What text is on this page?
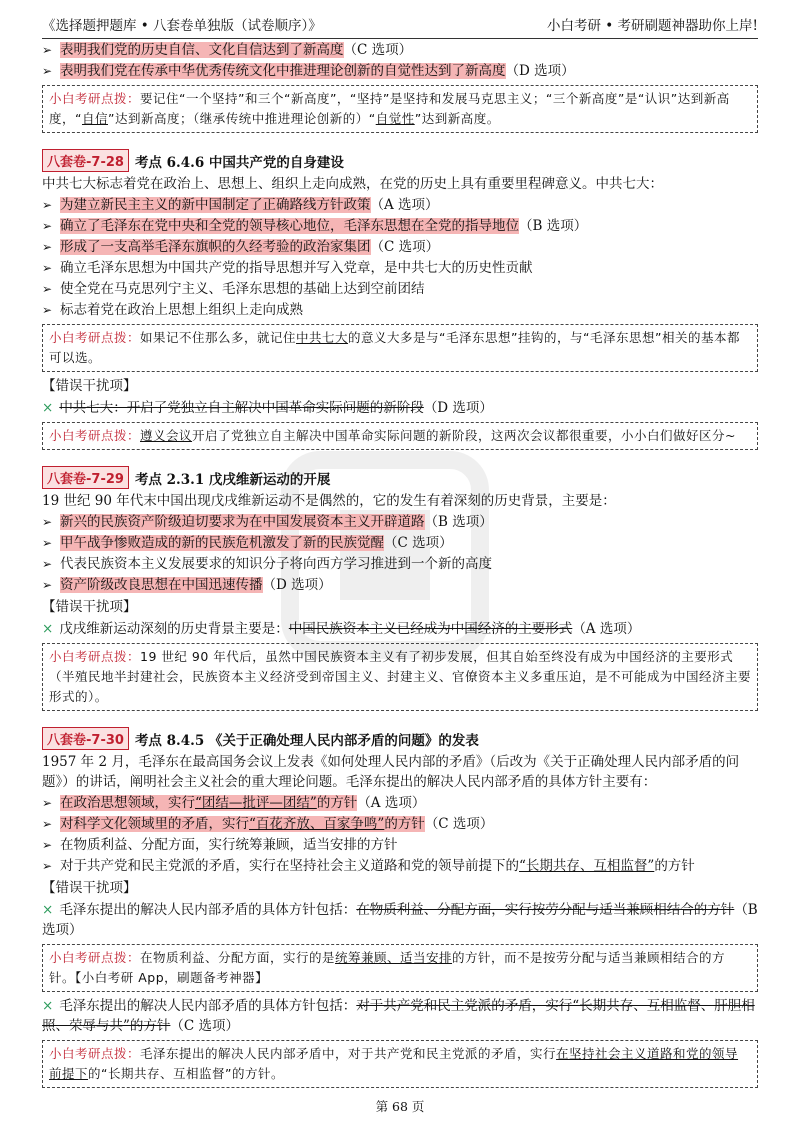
《选择题押题库 • 八套卷单独版（试卷顺序）》	小白考研 • 考研刷题神器助你上岸!
➢ 表明我们党的历史自信、文化自信达到了新高度（C 选项）
➢ 表明我们党在传承中华优秀传统文化中推进理论创新的自觉性达到了新高度（D 选项）
小白考研点拨：要记住“一个坚持”和三个“新高度”，“坚持”是坚持和发展马克思主义；“三个新高度”是“认识”达到新高度，“自信”达到新高度；（继承传统中推进理论创新的）“自觉性”达到新高度。
八套卷-7-28 考点 6.4.6 中国共产党的自身建设
中共七大标志着党在政治上、思想上、组织上走向成熟，在党的历史上具有重要里程碑意义。中共七大：
➢ 为建立新民主主义的新中国制定了正确路线方针政策（A 选项）
➢ 确立了毛泽东在党中央和全党的领导核心地位，毛泽东思想在全党的指导地位（B 选项）
➢ 形成了一支高举毛泽东旗帜的久经考验的政治家集团（C 选项）
➢ 确立毛泽东思想为中国共产党的指导思想并写入党章，是中共七大的历史性贡献
➢ 使全党在马克思列宁主义、毛泽东思想的基础上达到空前团结
➢ 标志着党在政治上思想上组织上走向成熟
小白考研点拨：如果记不住那么多，就记住中共七大的意义大多是与“毛泽东思想”挂钩的，与“毛泽东思想”相关的基本都可以选。
【错误干扰项】
× 中共七大：开启了党独立自主解决中国革命实际问题的新阶段（D 选项）
小白考研点拨：遵义会议开启了党独立自主解决中国革命实际问题的新阶段，这两次会议都很重要，小小白们做好区分~
八套卷-7-29 考点 2.3.1 戊戌维新运动的开展
19 世纪 90 年代末中国出现戊戌维新运动不是偶然的，它的发生有着深刻的历史背景，主要是：
➢ 新兴的民族资产阶级迫切要求为在中国发展资本主义开辟道路（B 选项）
➢ 甲午战争惨败造成的新的民族危机激发了新的民族觉醒（C 选项）
➢ 代表民族资本主义发展要求的知识分子将向西方学习推进到一个新的高度
➢ 资产阶级改良思想在中国迅速传播（D 选项）
【错误干扰项】
× 戊戌维新运动深刻的历史背景主要是：中国民族资本主义已经成为中国经济的主要形式（A 选项）
小白考研点拨：19 世纪 90 年代后，虽然中国民族资本主义有了初步发展，但其自始至终没有成为中国经济的主要形式（半殖民地半封建社会，民族资本主义经济受到帝国主义、封建主义、官僚资本主义多重压迫，是不可能成为中国经济主要形式的）。
八套卷-7-30 考点 8.4.5 《关于正确处理人民内部矛盾的问题》的发表
1957 年 2 月，毛泽东在最高国务会议上发表《如何处理人民内部的矛盾》（后改为《关于正确处理人民内部矛盾的问题》）的讲话，阐明社会主义社会的重大理论问题。毛泽东提出的解决人民内部矛盾的具体方针主要有：
➢ 在政治思想领域，实行“团结—批评—团结”的方针（A 选项）
➢ 对科学文化领域里的矛盾，实行“百花齐放、百家争鸣”的方针（C 选项）
➢ 在物质利益、分配方面，实行统筹兼顾，适当安排的方针
➢ 对于共产党和民主党派的矛盾，实行在坚持社会主义道路和党的领导前提下的“长期共存、互相监督”的方针
【错误干扰项】
× 毛泽东提出的解决人民内部矛盾的具体方针包括：在物质利益、分配方面，实行按劳分配与适当兼顾相结合的方针（B 选项）
小白考研点拨：在物质利益、分配方面，实行的是统筹兼顾、适当安排的方针，而不是按劳分配与适当兼顾相结合的方针。【小白考研 App，刷题备考神器】
× 毛泽东提出的解决人民内部矛盾的具体方针包括：对于共产党和民主党派的矛盾，实行“长期共存、互相监督、肝胆相照、荣辱与共”的方针（C 选项）
小白考研点拨：毛泽东提出的解决人民内部矛盾中，对于共产党和民主党派的矛盾，实行在坚持社会主义道路和党的领导前提下的“长期共存、互相监督”的方针。
第 68 页
